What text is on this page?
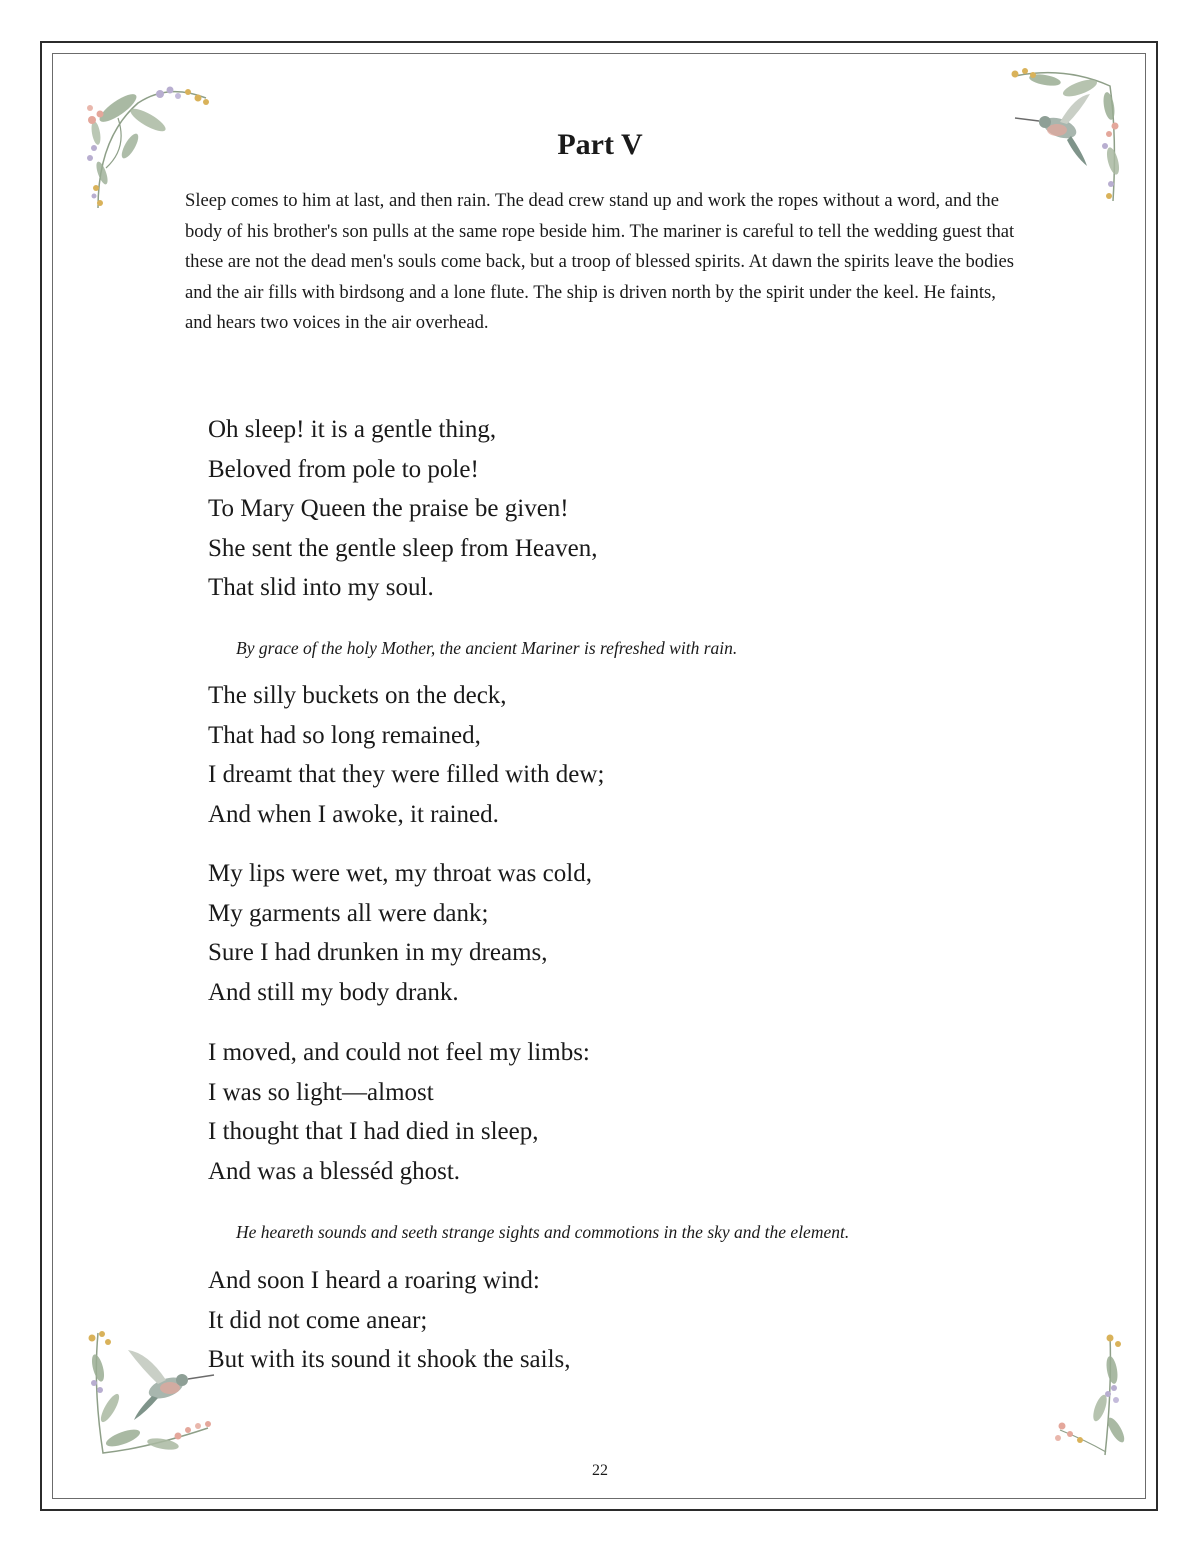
Part V

Sleep comes to him at last, and then rain. The dead crew stand up and work the ropes without a word, and the body of his brother's son pulls at the same rope beside him. The mariner is careful to tell the wedding guest that these are not the dead men's souls come back, but a troop of blessed spirits. At dawn the spirits leave the bodies and the air fills with birdsong and a lone flute. The ship is driven north by the spirit under the keel. He faints, and hears two voices in the air overhead.

Oh sleep! it is a gentle thing,
Beloved from pole to pole!
To Mary Queen the praise be given!
She sent the gentle sleep from Heaven,
That slid into my soul.

By grace of the holy Mother, the ancient Mariner is refreshed with rain.

The silly buckets on the deck,
That had so long remained,
I dreamt that they were filled with dew;
And when I awoke, it rained.
My lips were wet, my throat was cold,
My garments all were dank;
Sure I had drunken in my dreams,
And still my body drank.
I moved, and could not feel my limbs:
I was so light—almost
I thought that I had died in sleep,
And was a blesséd ghost.

He heareth sounds and seeth strange sights and commotions in the sky and the element.

And soon I heard a roaring wind:
It did not come anear;
But with its sound it shook the sails,

22
